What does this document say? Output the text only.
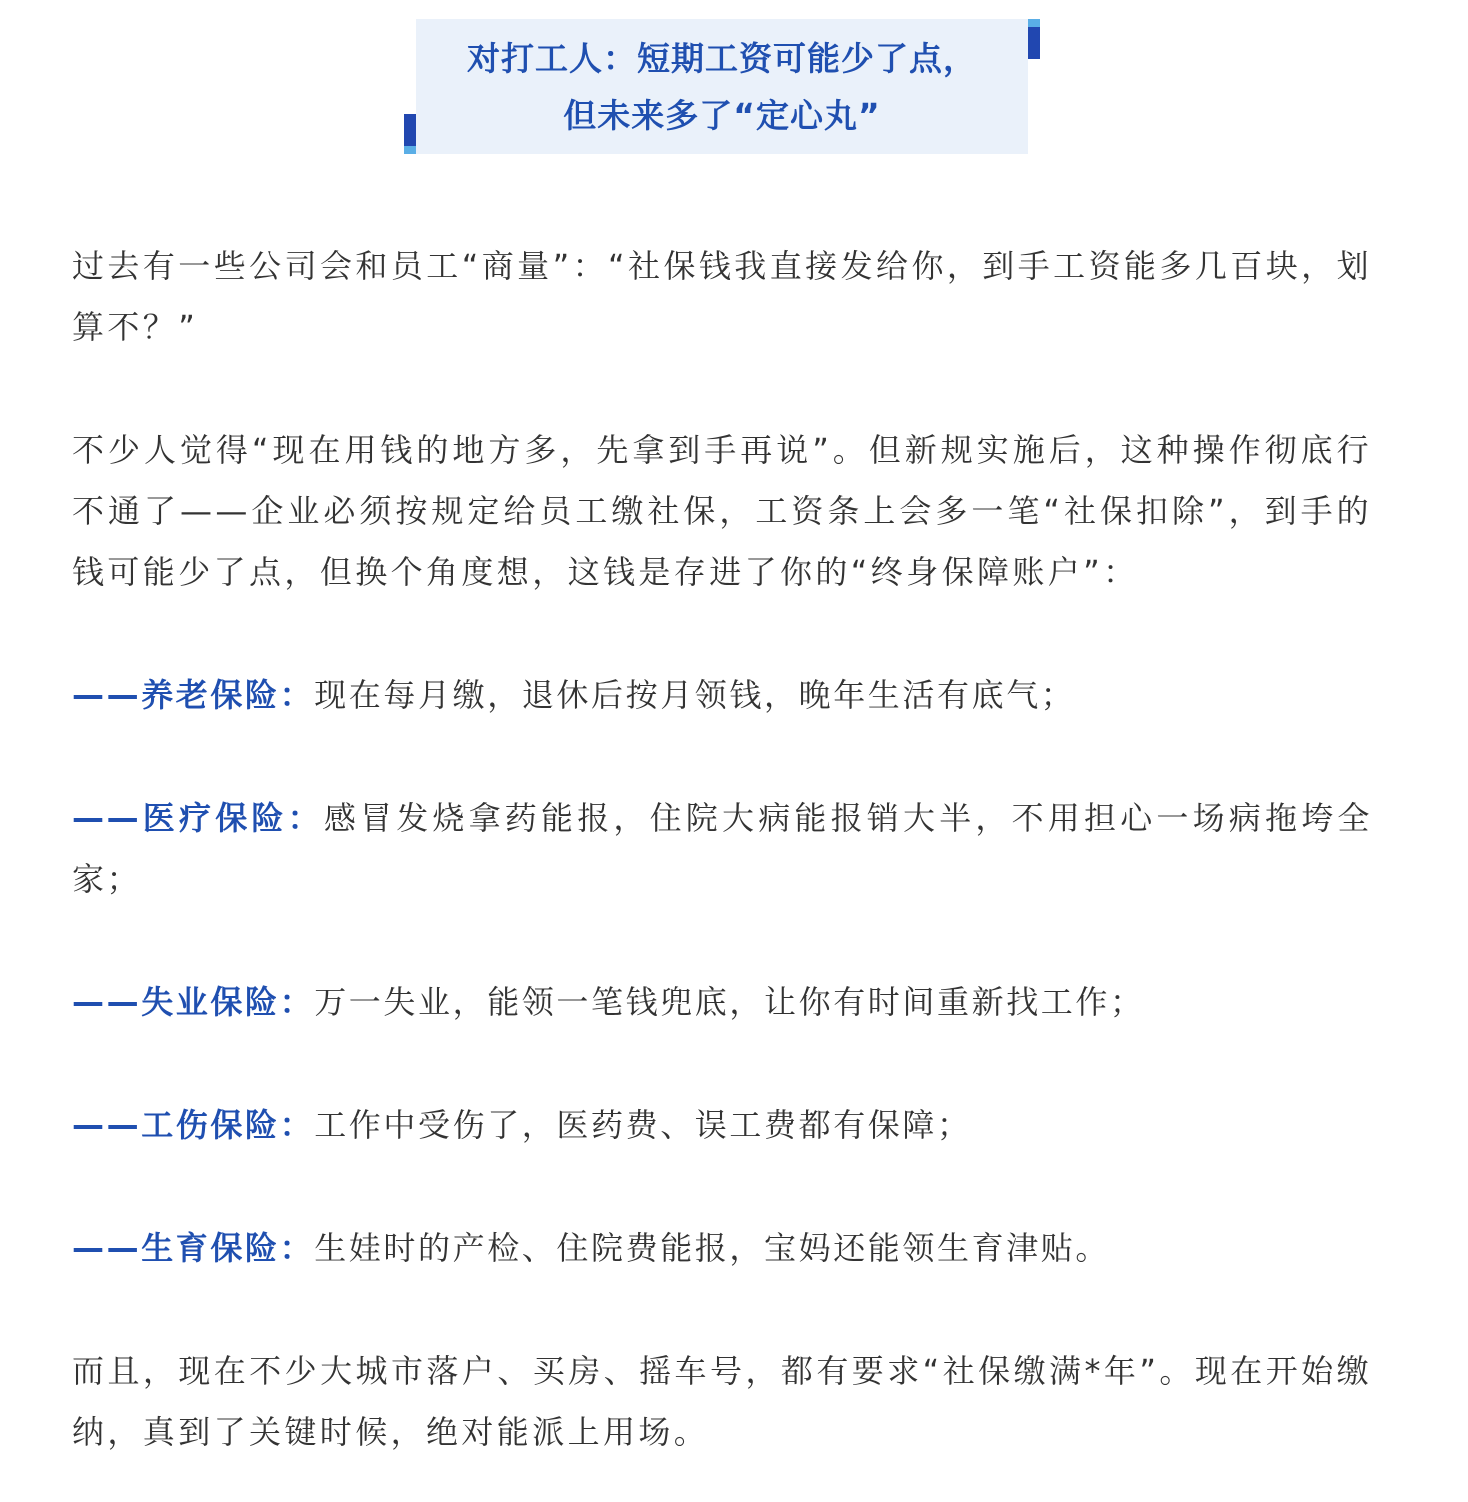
对打工人：短期工资可能少了点，
但未来多了“定心丸”

过去有一些公司会和员工“商量”：“社保钱我直接发给你，到手工资能多几百块，划算不？”

不少人觉得“现在用钱的地方多，先拿到手再说”。但新规实施后，这种操作彻底行不通了——企业必须按规定给员工缴社保，工资条上会多一笔“社保扣除”，到手的钱可能少了点，但换个角度想，这钱是存进了你的“终身保障账户”：

——养老保险：现在每月缴，退休后按月领钱，晚年生活有底气；

——医疗保险：感冒发烧拿药能报，住院大病能报销大半，不用担心一场病拖垮全家；

——失业保险：万一失业，能领一笔钱兜底，让你有时间重新找工作；

——工伤保险：工作中受伤了，医药费、误工费都有保障；

——生育保险：生娃时的产检、住院费能报，宝妈还能领生育津贴。

而且，现在不少大城市落户、买房、摇车号，都有要求“社保缴满*年”。现在开始缴纳，真到了关键时候，绝对能派上用场。
